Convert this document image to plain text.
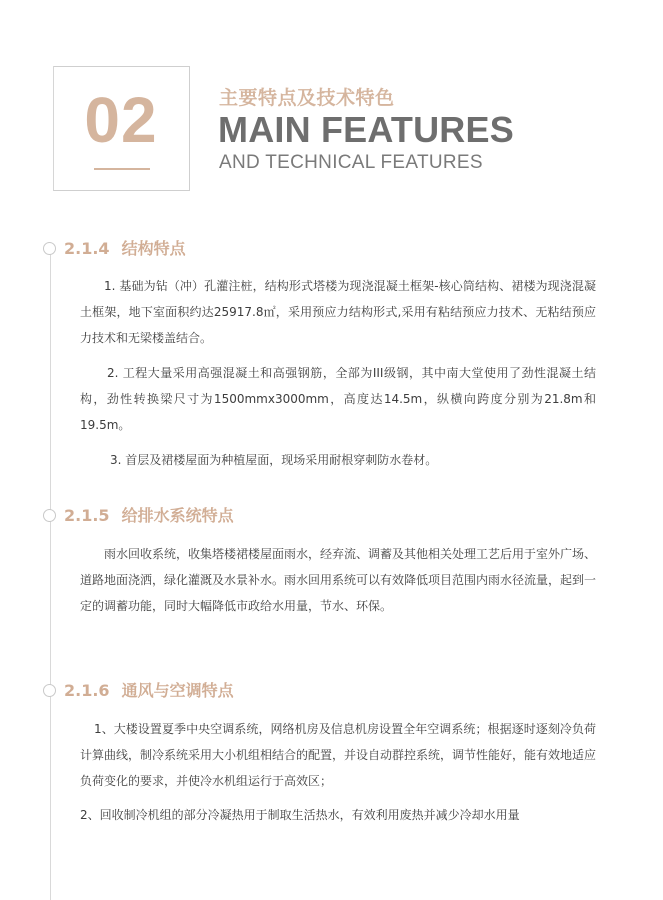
02	主要特点及技术特色
MAIN FEATURES
AND TECHNICAL FEATURES
2.1.4 结构特点

1. 基础为钻（冲）孔灌注桩，结构形式塔楼为现浇混凝土框架-核心筒结构、裙楼为现浇混凝土框架，地下室面积约达25917.8㎡，采用预应力结构形式,采用有粘结预应力技术、无粘结预应力技术和无梁楼盖结合。

2. 工程大量采用高强混凝土和高强钢筋，全部为III级钢，其中南大堂使用了劲性混凝土结构，劲性转换梁尺寸为1500mmx3000mm，高度达14.5m，纵横向跨度分别为21.8m和19.5m。

3. 首层及裙楼屋面为种植屋面，现场采用耐根穿刺防水卷材。

2.1.5 给排水系统特点

雨水回收系统，收集塔楼裙楼屋面雨水，经弃流、调蓄及其他相关处理工艺后用于室外广场、道路地面浇洒，绿化灌溉及水景补水。雨水回用系统可以有效降低项目范围内雨水径流量，起到一定的调蓄功能，同时大幅降低市政给水用量，节水、环保。

2.1.6 通风与空调特点

1、大楼设置夏季中央空调系统，网络机房及信息机房设置全年空调系统；根据逐时逐刻冷负荷计算曲线，制冷系统采用大小机组相结合的配置，并设自动群控系统，调节性能好，能有效地适应负荷变化的要求，并使冷水机组运行于高效区；

2、回收制冷机组的部分冷凝热用于制取生活热水，有效利用废热并减少冷却水用量
